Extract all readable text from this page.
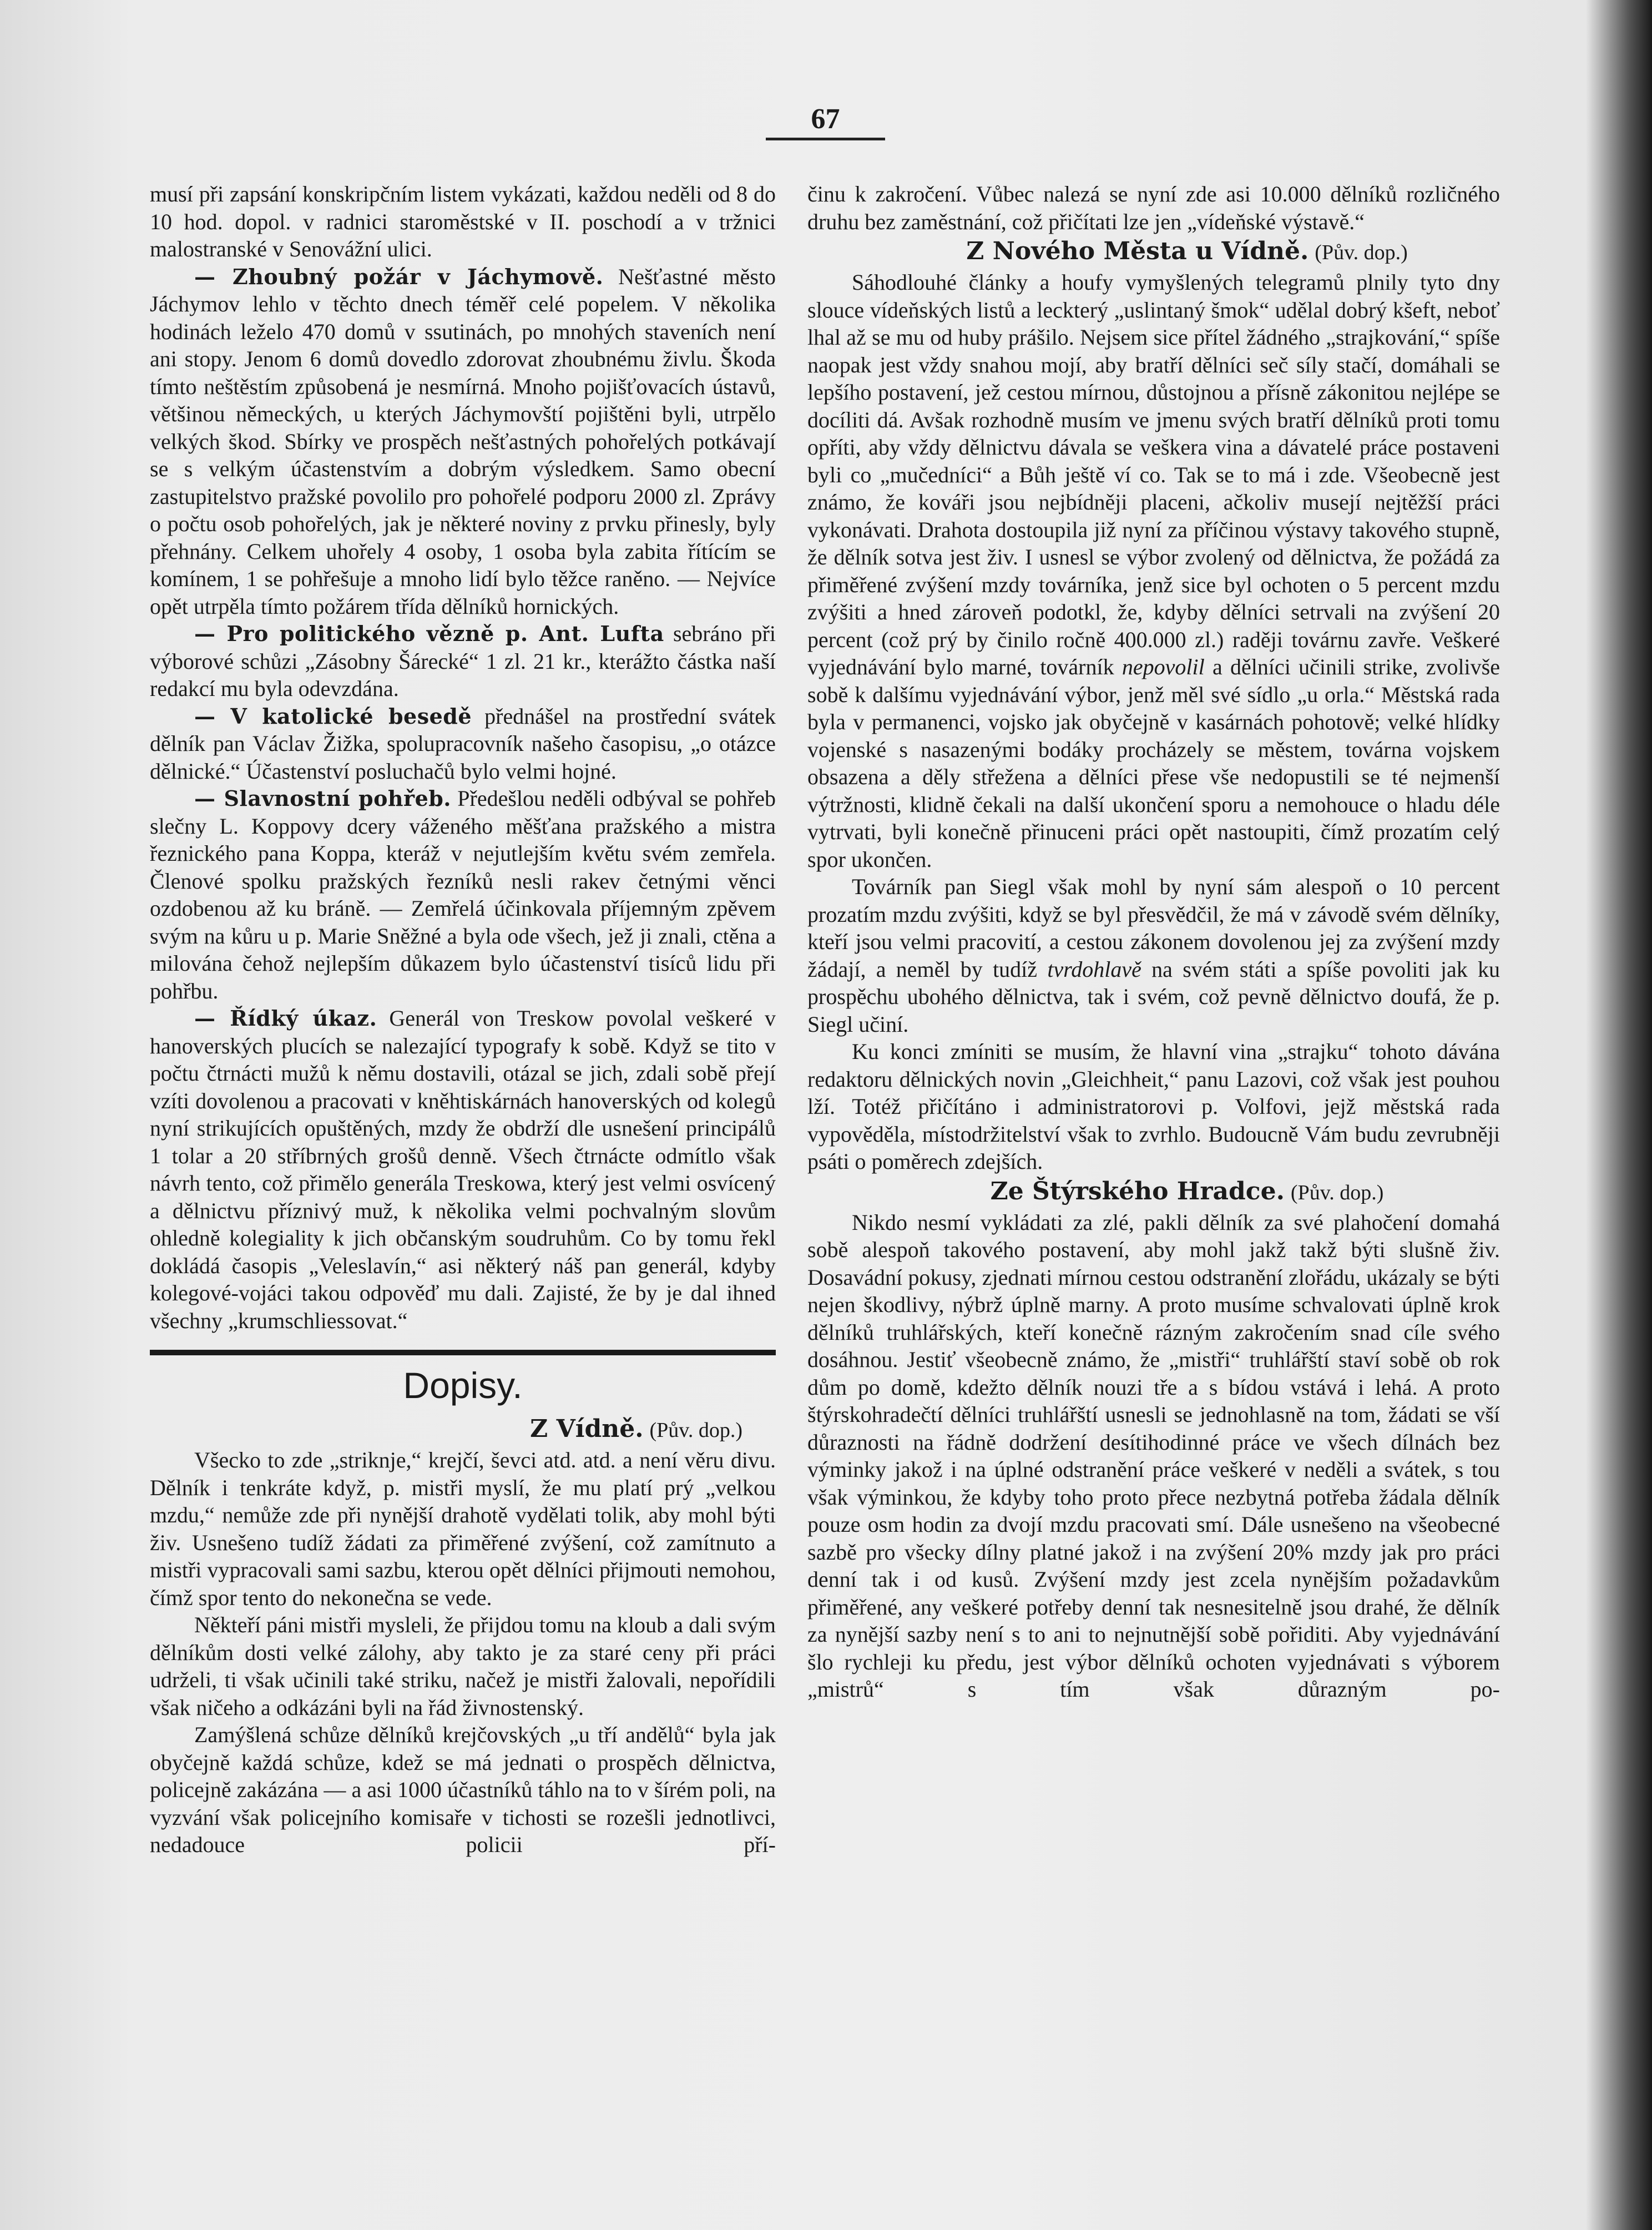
67

musí při zapsání konskripčním listem vykázati, každou neděli od 8 do 10 hod. dopol. v radnici staroměstské v II. poschodí a v tržnici malostranské v Senovážní ulici.

— Zhoubný požár v Jáchymově. Nešťastné město Jáchymov lehlo v těchto dnech téměř celé popelem. V několika hodinách leželo 470 domů v ssutinách, po mnohých staveních není ani stopy. Jenom 6 domů dovedlo zdorovat zhoubnému živlu. Škoda tímto neštěstím způsobená je nesmírná. Mnoho pojišťovacích ústavů, většinou německých, u kterých Jáchymovští pojištěni byli, utrpělo velkých škod. Sbírky ve prospěch nešťastných pohořelých potkávají se s velkým účastenstvím a dobrým výsledkem. Samo obecní zastupitelstvo pražské povolilo pro pohořelé podporu 2000 zl. Zprávy o počtu osob pohořelých, jak je některé noviny z prvku přinesly, byly přehnány. Celkem uhořely 4 osoby, 1 osoba byla zabita řítícím se komínem, 1 se pohřešuje a mnoho lidí bylo těžce raněno. — Nejvíce opět utrpěla tímto požárem třída dělníků hornických.

— Pro politického vězně p. Ant. Lufta sebráno při výborové schůzi „Zásobny Šárecké“ 1 zl. 21 kr., kterážto částka naší redakcí mu byla odevzdána.

— V katolické besedě přednášel na prostřední svátek dělník pan Václav Žižka, spolupracovník našeho časopisu, „o otázce dělnické.“ Účastenství posluchačů bylo velmi hojné.

— Slavnostní pohřeb. Předešlou neděli odbýval se pohřeb slečny L. Koppovy dcery váženého měšťana pražského a mistra řeznického pana Koppa, kteráž v nejutlejším květu svém zemřela. Členové spolku pražských řezníků nesli rakev četnými věnci ozdobenou až ku bráně. — Zemřelá účinkovala příjemným zpěvem svým na kůru u p. Marie Sněžné a byla ode všech, jež ji znali, ctěna a milována čehož nejlepším důkazem bylo účastenství tisíců lidu při pohřbu.

— Řídký úkaz. Generál von Treskow povolal veškeré v hanoverských plucích se nalezající typografy k sobě. Když se tito v počtu čtrnácti mužů k němu dostavili, otázal se jich, zdali sobě přejí vzíti dovolenou a pracovati v kněhtiskárnách hanoverských od kolegů nyní strikujících opuštěných, mzdy že obdrží dle usnešení principálů 1 tolar a 20 stříbrných grošů denně. Všech čtrnácte odmítlo však návrh tento, což přimělo generála Treskowa, který jest velmi osvícený a dělnictvu příznivý muž, k několika velmi pochvalným slovům ohledně kolegiality k jich občanským soudruhům. Co by tomu řekl dokládá časopis „Veleslavín,“ asi některý náš pan generál, kdyby kolegové-vojáci takou odpověď mu dali. Zajisté, že by je dal ihned všechny „krumschliessovat.“

Dopisy.
Z Vídně. (Pův. dop.)

Všecko to zde „striknje,“ krejčí, ševci atd. atd. a není věru divu. Dělník i tenkráte když, p. mistři myslí, že mu platí prý „velkou mzdu,“ nemůže zde při nynější drahotě vydělati tolik, aby mohl býti živ. Usnešeno tudíž žádati za přiměřené zvýšení, což zamítnuto a mistři vypracovali sami sazbu, kterou opět dělníci přijmouti nemohou, čímž spor tento do nekonečna se vede.

Někteří páni mistři mysleli, že přijdou tomu na kloub a dali svým dělníkům dosti velké zálohy, aby takto je za staré ceny při práci udrželi, ti však učinili také striku, načež je mistři žalovali, nepořídili však ničeho a odkázáni byli na řád živnostenský.

Zamýšlená schůze dělníků krejčovských „u tří andělů“ byla jak obyčejně každá schůze, kdež se má jednati o prospěch dělnictva, policejně zakázána — a asi 1000 účastníků táhlo na to v šírém poli, na vyzvání však policejního komisaře v tichosti se rozešli jednotlivci, nedadouce policii pří-

činu k zakročení. Vůbec nalezá se nyní zde asi 10.000 dělníků rozličného druhu bez zaměstnání, což přičítati lze jen „vídeňské výstavě.“

Z Nového Města u Vídně. (Pův. dop.)

Sáhodlouhé články a houfy vymyšlených telegramů plnily tyto dny slouce vídeňských listů a leckterý „uslintaný šmok“ udělal dobrý kšeft, neboť lhal až se mu od huby prášilo. Nejsem sice přítel žádného „strajkování,“ spíše naopak jest vždy snahou mojí, aby bratří dělníci seč síly stačí, domáhali se lepšího postavení, jež cestou mírnou, důstojnou a přísně zákonitou nejlépe se docíliti dá. Avšak rozhodně musím ve jmenu svých bratří dělníků proti tomu opříti, aby vždy dělnictvu dávala se veškera vina a dávatelé práce postaveni byli co „mučedníci“ a Bůh ještě ví co. Tak se to má i zde. Všeobecně jest známo, že kováři jsou nejbídněji placeni, ačkoliv musejí nejtěžší práci vykonávati. Drahota dostoupila již nyní za příčinou výstavy takového stupně, že dělník sotva jest živ. I usnesl se výbor zvolený od dělnictva, že požádá za přiměřené zvýšení mzdy továrníka, jenž sice byl ochoten o 5 percent mzdu zvýšiti a hned zároveň podotkl, že, kdyby dělníci setrvali na zvýšení 20 percent (což prý by činilo ročně 400.000 zl.) raději továrnu zavře. Veškeré vyjednávání bylo marné, továrník nepovolil a dělníci učinili strike, zvolivše sobě k dalšímu vyjednávání výbor, jenž měl své sídlo „u orla.“ Městská rada byla v permanenci, vojsko jak obyčejně v kasárnách pohotově; velké hlídky vojenské s nasazenými bodáky procházely se městem, továrna vojskem obsazena a děly střežena a dělníci přese vše nedopustili se té nejmenší výtržnosti, klidně čekali na další ukončení sporu a nemohouce o hladu déle vytrvati, byli konečně přinuceni práci opět nastoupiti, čímž prozatím celý spor ukončen.

Továrník pan Siegl však mohl by nyní sám alespoň o 10 percent prozatím mzdu zvýšiti, když se byl přesvědčil, že má v závodě svém dělníky, kteří jsou velmi pracovití, a cestou zákonem dovolenou jej za zvýšení mzdy žádají, a neměl by tudíž tvrdohlavě na svém státi a spíše povoliti jak ku prospěchu ubohého dělnictva, tak i svém, což pevně dělnictvo doufá, že p. Siegl učiní.

Ku konci zmíniti se musím, že hlavní vina „strajku“ tohoto dávána redaktoru dělnických novin „Gleichheit,“ panu Lazovi, což však jest pouhou lží. Totéž přičítáno i administratorovi p. Volfovi, jejž městská rada vypověděla, místodržitelství však to zvrhlo. Budoucně Vám budu zevrubněji psáti o poměrech zdejších.

Ze Štýrského Hradce. (Pův. dop.)

Nikdo nesmí vykládati za zlé, pakli dělník za své plahočení domahá sobě alespoň takového postavení, aby mohl jakž takž býti slušně živ. Dosavádní pokusy, zjednati mírnou cestou odstranění zlořádu, ukázaly se býti nejen škodlivy, nýbrž úplně marny. A proto musíme schvalovati úplně krok dělníků truhlářských, kteří konečně rázným zakročením snad cíle svého dosáhnou. Jestiť všeobecně známo, že „mistři“ truhlářští staví sobě ob rok dům po domě, kdežto dělník nouzi tře a s bídou vstává i lehá. A proto štýrskohradečtí dělníci truhlářští usnesli se jednohlasně na tom, žádati se vší důraznosti na řádně dodržení desítihodinné práce ve všech dílnách bez výminky jakož i na úplné odstranění práce veškeré v neděli a svátek, s tou však výminkou, že kdyby toho proto přece nezbytná potřeba žádala dělník pouze osm hodin za dvojí mzdu pracovati smí. Dále usnešeno na všeobecné sazbě pro všecky dílny platné jakož i na zvýšení 20% mzdy jak pro práci denní tak i od kusů. Zvýšení mzdy jest zcela nynějším požadavkům přiměřené, any veškeré potřeby denní tak nesnesitelně jsou drahé, že dělník za nynější sazby není s to ani to nejnutnější sobě pořiditi. Aby vyjednávání šlo rychleji ku předu, jest výbor dělníků ochoten vyjednávati s výborem „mistrů“ s tím však důrazným po-
